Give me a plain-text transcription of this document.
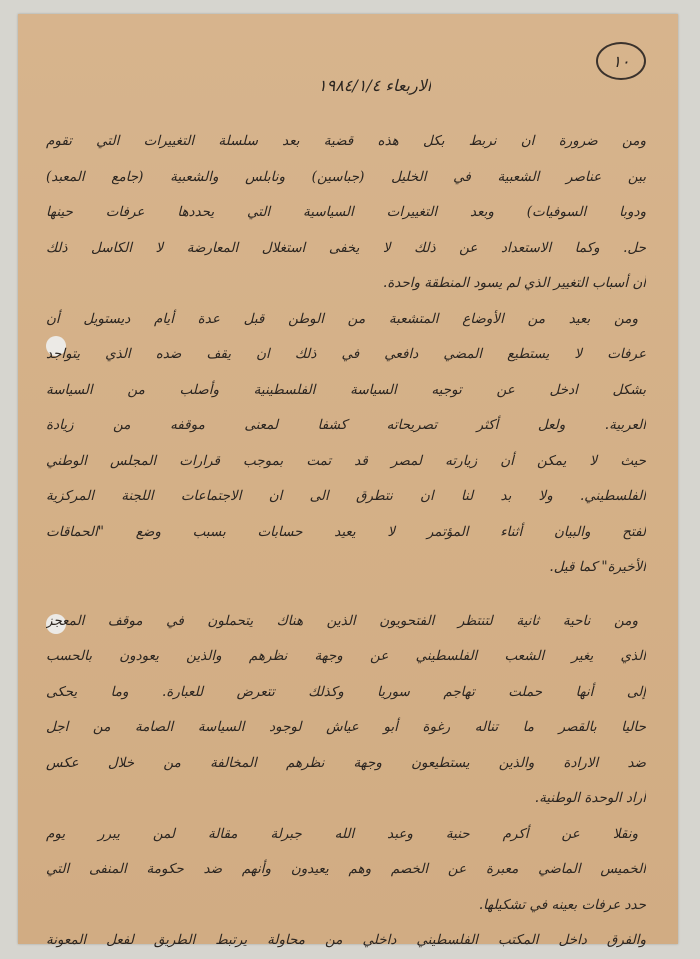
١٠
الاربعاء ١٩٨٤/١/٤
ومن ضرورة ان نربط بكل هذه قضية بعد سلسلة التغييرات التي تقوم
بين عناصر الشعبية في الخليل (جباسين) ونابلس والشعبية (جامع المعبد)
ودوبا السوفيات) وبعد التغييرات السياسية التي يحددها عرفات حينها
حل. وكما الاستعداد عن ذلك لا يخفى استغلال المعارضة لا الكاسل ذلك
أن أسباب التغيير الذي لم يسود المنطقة واحدة.
ومن بعيد من الأوضاع المتشعبة من الوطن قبل عدة أيام ديستويل أن
عرفات لا يستطيع المضي دافعي في ذلك ان يقف ضده الذي يتواجد
بشكل ادخل عن توجيه السياسة الفلسطينية وأصلب من السياسة
العربية. ولعل أكثر تصريحاته كشفا لمعنى موقفه من زيادة
حيث لا يمكن أن زيارته لمصر قد تمت بموجب قرارات المجلس الوطني
الفلسطيني. ولا بد لنا ان نتطرق الى ان الاجتماعات اللجنة المركزية
لفتح والبيان أثناء المؤتمر لا يعيد حسابات بسبب وضع "الحماقات
الأخيرة" كما قيل.
ومن ناحية ثانية لتنتظر الفتحويون الذين هناك يتحملون في موقف المعجز
الذي يغير الشعب الفلسطيني عن وجهة نظرهم والذين يعودون بالحسب
إلى أنها حملت تهاجم سوريا وكذلك تتعرض للعبارة. وما يحكى
حاليا بالقصر ما تناله رغوة أبو عياش لوجود السياسة الصامة من اجل
ضد الارادة والذين يستطيعون وجهة نظرهم المخالفة من خلال عكس
أراد الوحدة الوطنية.
ونقلا عن أكرم حنية وعبد الله جبرلة مقالة لمن يبرر يوم
الخميس الماضي معبرة عن الخصم وهم يعيدون وأنهم ضد حكومة المنفى التي
حدد عرفات بعينه في تشكيلها.
والفرق داخل المكتب الفلسطيني داخلي من محاولة يرتبط الطريق لفعل المعونة
